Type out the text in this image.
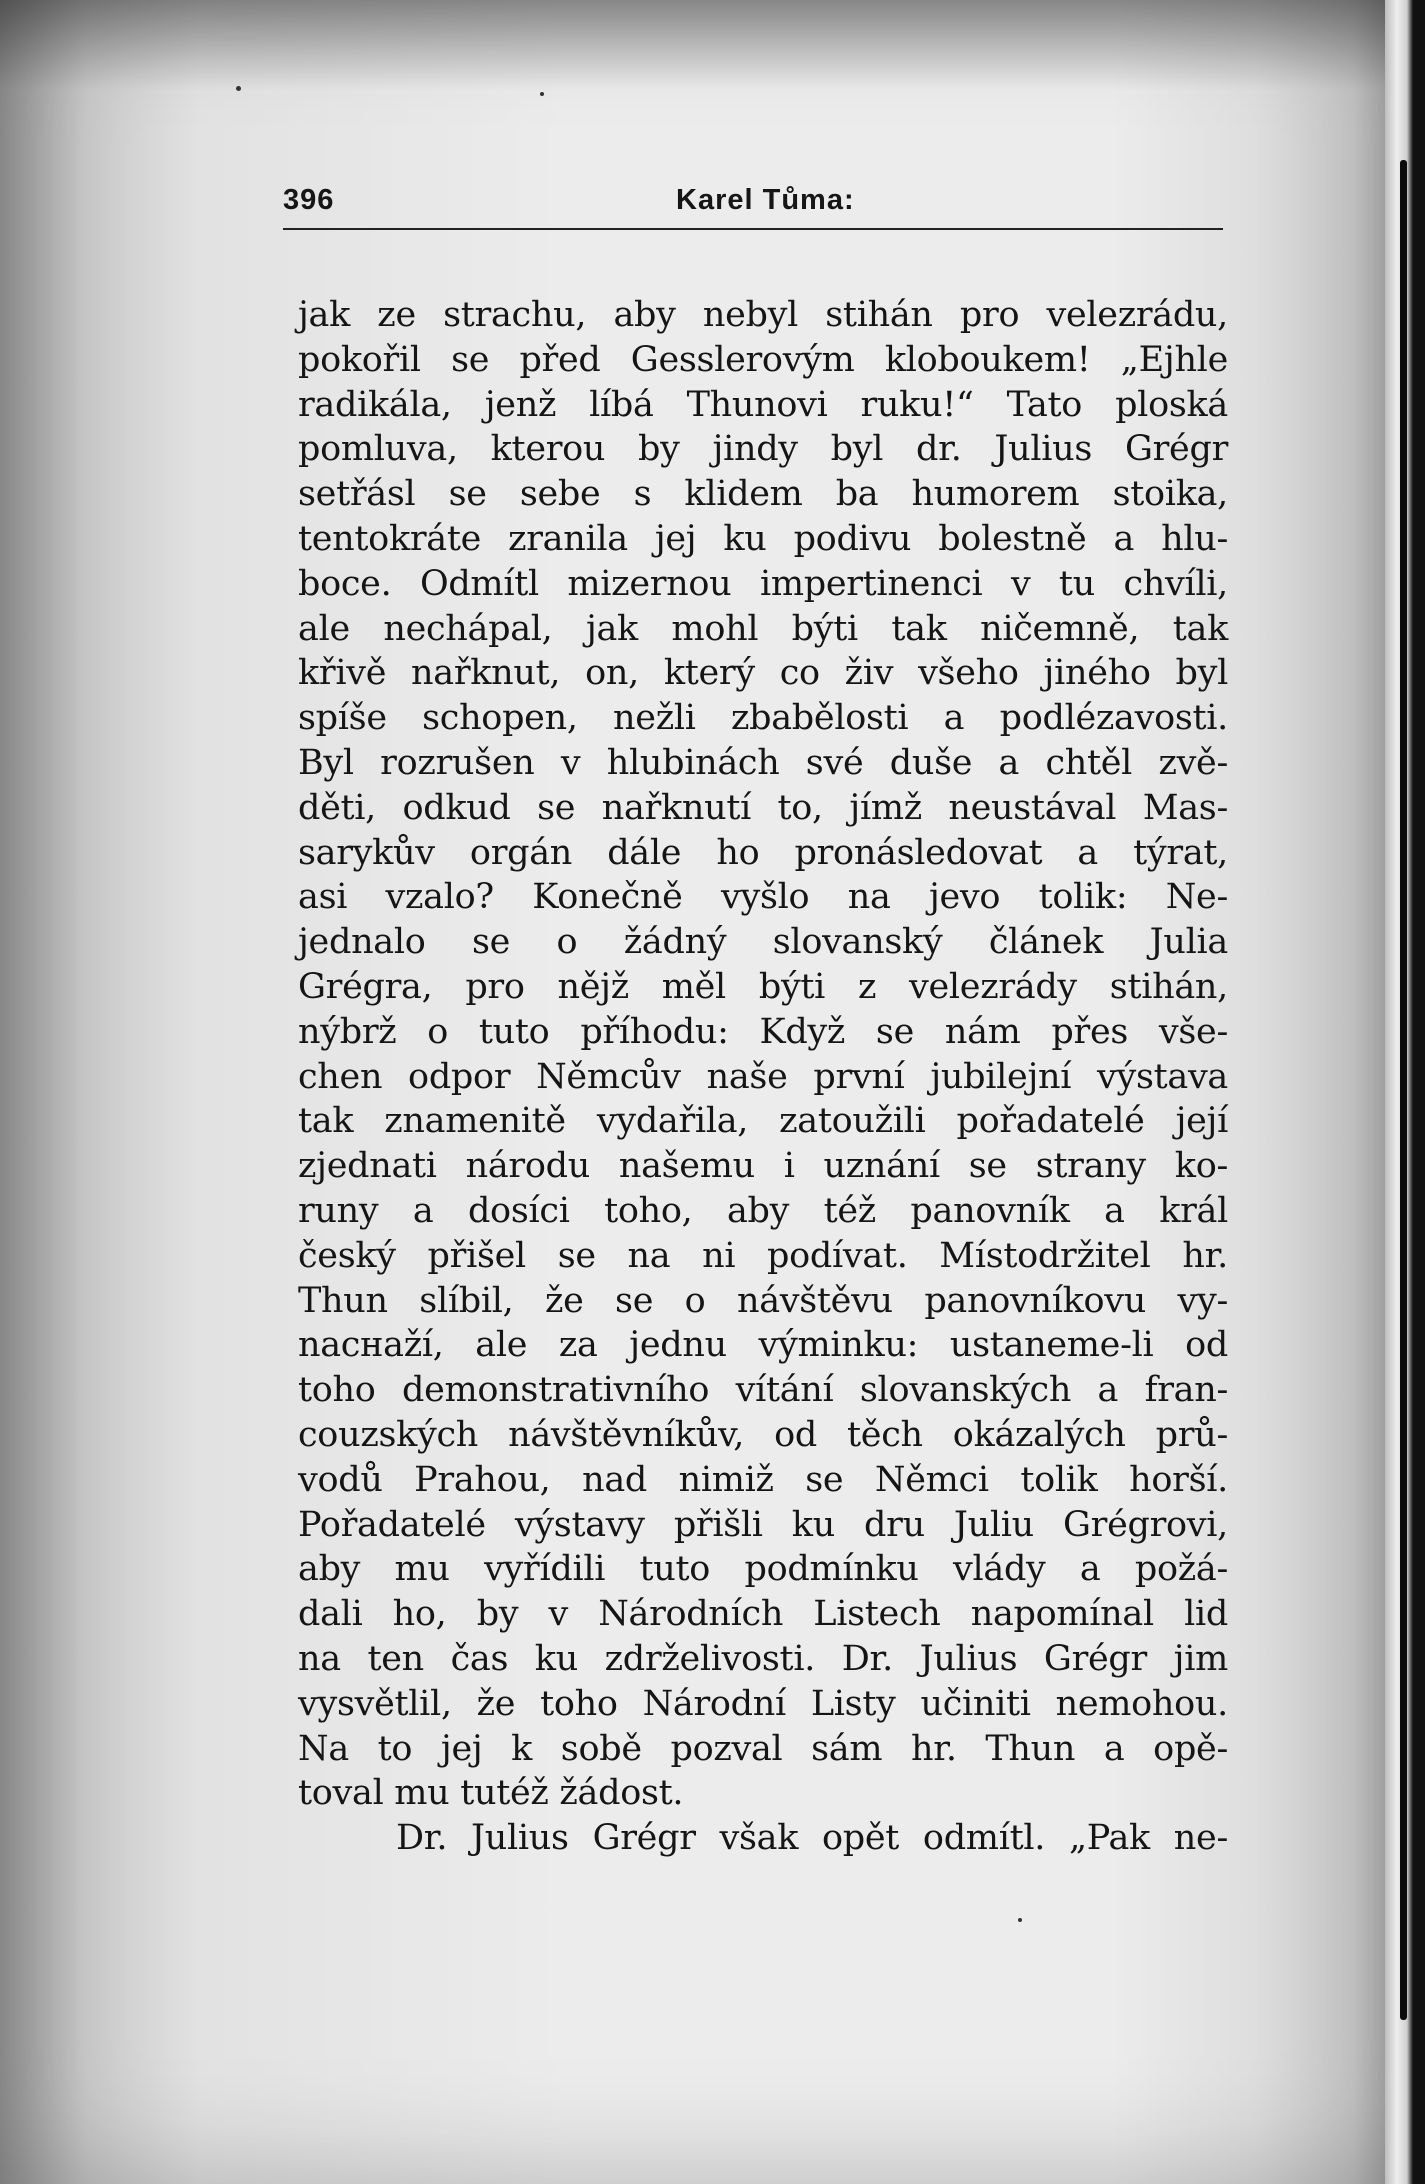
396	Karel Tůma:
jak ze strachu, aby nebyl stihán pro velezrádu,
pokořil se před Gesslerovým kloboukem! „Ejhle
radikála, jenž líbá Thunovi ruku!“ Tato ploská
pomluva, kterou by jindy byl dr. Julius Grégr
setřásl se sebe s klidem ba humorem stoika,
tentokráte zranila jej ku podivu bolestně a hlu-
boce. Odmítl mizernou impertinenci v tu chvíli,
ale nechápal, jak mohl býti tak ničemně, tak
křivě nařknut, on, který co živ všeho jiného byl
spíše schopen, nežli zbabělosti a podlézavosti.
Byl rozrušen v hlubinách své duše a chtěl zvě-
děti, odkud se nařknutí to, jímž neustával Mas-
sarykův orgán dále ho pronásledovat a týrat,
asi vzalo? Konečně vyšlo na jevo tolik: Ne-
jednalo se o žádný slovanský článek Julia
Grégra, pro nějž měl býti z velezrády stihán,
nýbrž o tuto příhodu: Když se nám přes vše-
chen odpor Němcův naše první jubilejní výstava
tak znamenitě vydařila, zatoužili pořadatelé její
zjednati národu našemu i uznání se strany ko-
runy a dosíci toho, aby též panovník a král
český přišel se na ni podívat. Místodržitel hr.
Thun slíbil, že se o návštěvu panovníkovu vy-
naснaží, ale za jednu výminku: ustaneme-li od
toho demonstrativního vítání slovanských a fran-
couzských návštěvníkův, od těch okázalých prů-
vodů Prahou, nad nimiž se Němci tolik horší.
Pořadatelé výstavy přišli ku dru Juliu Grégrovi,
aby mu vyřídili tuto podmínku vlády a požá-
dali ho, by v Národních Listech napomínal lid
na ten čas ku zdrželivosti. Dr. Julius Grégr jim
vysvětlil, že toho Národní Listy učiniti nemohou.
Na to jej k sobě pozval sám hr. Thun a opě-
toval mu tutéž žádost.
Dr. Julius Grégr však opět odmítl. „Pak ne-
